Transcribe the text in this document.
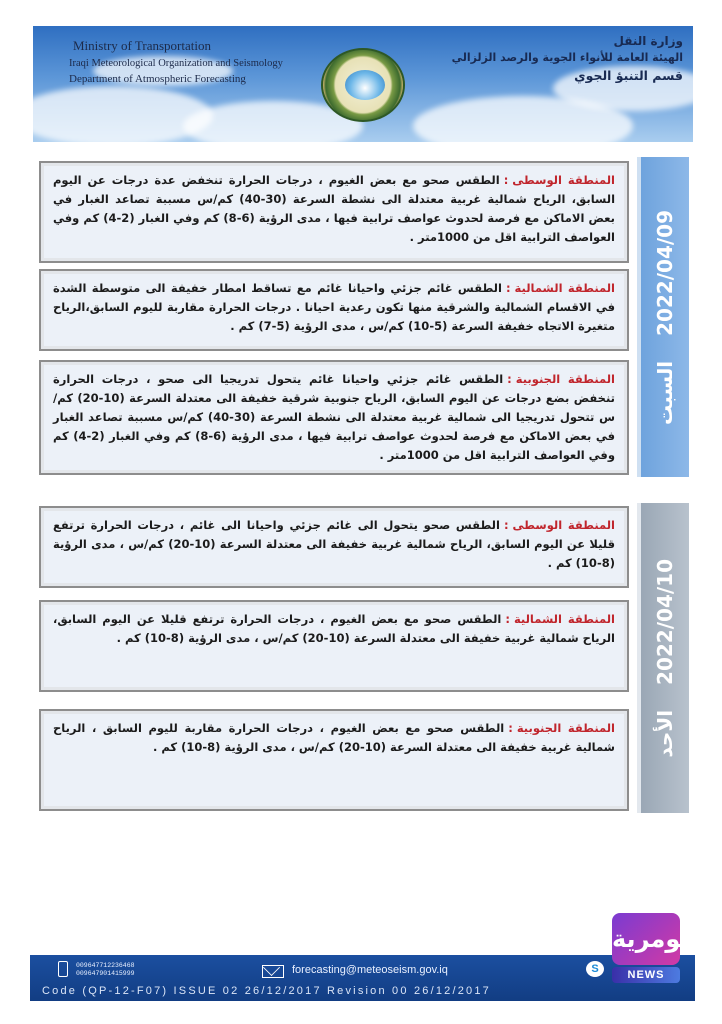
Ministry of Transportation
Iraqi Meteorological Organization and Seismology
Department of Atmospheric Forecasting
وزارة النقل
الهيئة العامة للأنواء الجوية والرصد الزلزالي
قسم التنبؤ الجوي
المنطقة الوسطى:الطقس صحو مع بعض الغيوم ، درجات الحرارة تنخفض عدة درجات عن اليوم السابق، الرياح شمالية غربية معتدلة الى نشطة السرعة (30-40) كم/س مسببة تصاعد الغبار في بعض الاماكن مع فرصة لحدوث عواصف ترابية فيها ، مدى الرؤية (6-8) كم وفي الغبار (2-4) كم وفي العواصف الترابية اقل من 1000متر .
المنطقة الشمالية:الطقس غائم جزئي واحيانا غائم مع تساقط امطار خفيفة الى متوسطة الشدة في الاقسام الشمالية والشرقية منها تكون رعدية احيانا . درجات الحرارة مقاربة لليوم السابق،الرياح متغيرة الاتجاه خفيفة السرعة (5-10) كم/س ، مدى الرؤية (5-7) كم .
المنطقة الجنوبية:الطقس غائم جزئي واحيانا غائم يتحول تدريجيا الى صحو ، درجات الحرارة تنخفض بضع درجات عن اليوم السابق، الرياح جنوبية شرقية خفيفة الى معتدلة السرعة (10-20) كم/س تتحول تدريجيا الى شمالية غربية معتدلة الى نشطة السرعة (30-40) كم/س مسببة تصاعد الغبار في بعض الاماكن مع فرصة لحدوث عواصف ترابية فيها ، مدى الرؤية (6-8) كم وفي الغبار (2-4) كم وفي العواصف الترابية اقل من 1000متر .
2022/04/09 السبت
المنطقة الوسطى:الطقس صحو يتحول الى غائم جزئي واحيانا الى غائم ، درجات الحرارة ترتفع قليلا عن اليوم السابق، الرياح شمالية غربية خفيفة الى معتدلة السرعة (10-20) كم/س ، مدى الرؤية (8-10) كم .
المنطقة الشمالية:الطقس صحو مع بعض الغيوم ، درجات الحرارة ترتفع قليلا عن اليوم السابق، الرياح شمالية غربية خفيفة الى معتدلة السرعة (10-20) كم/س ، مدى الرؤية (8-10) كم .
المنطقة الجنوبية:الطقس صحو مع بعض الغيوم ، درجات الحرارة مقاربة لليوم السابق ، الرياح شمالية غربية خفيفة الى معتدلة السرعة (10-20) كم/س ، مدى الرؤية (8-10) كم .
2022/04/10 الأحد
009647712236468
009647901415999	forecasting@meteoseism.gov.iq	S
Code (QP-12-F07) ISSUE 02 26/12/2017 Revision 00 26/12/2017
السومرية
NEWS
